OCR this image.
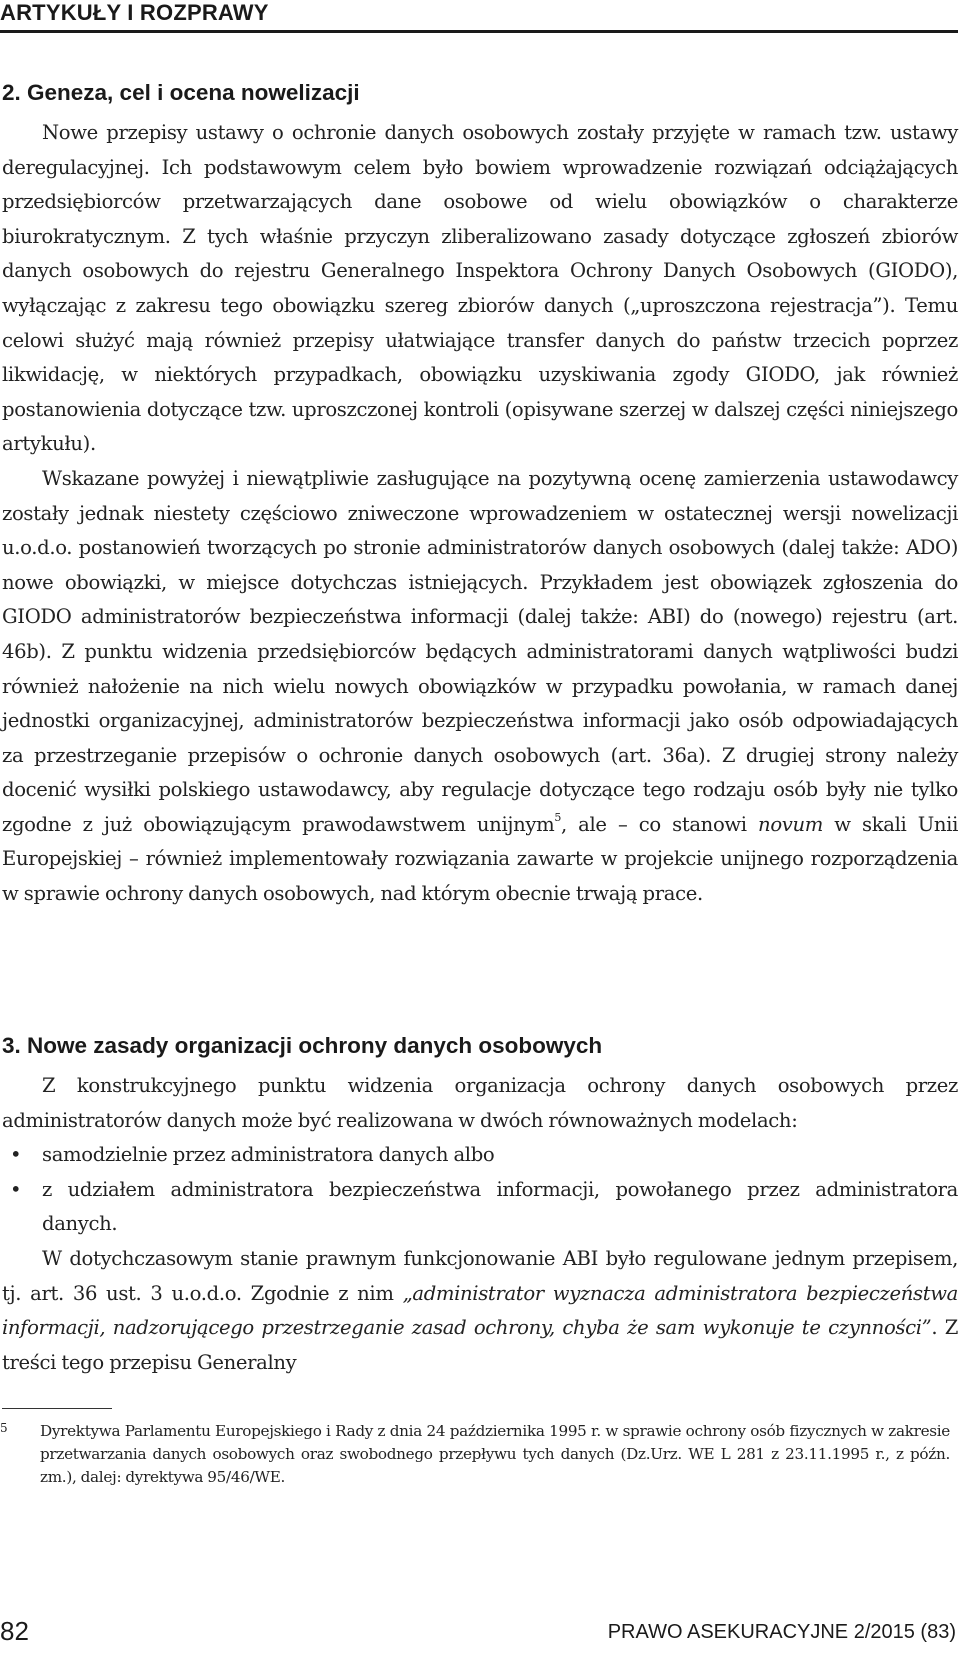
ARTYKUŁY I ROZPRAWY
2. Geneza, cel i ocena nowelizacji

Nowe przepisy ustawy o ochronie danych osobowych zostały przyjęte w ramach tzw. ustawy deregulacyjnej. Ich podstawowym celem było bowiem wprowadzenie rozwiązań odciążających przedsiębiorców przetwarzających dane osobowe od wielu obowiązków o charakterze biurokratycznym. Z tych właśnie przyczyn zliberalizowano zasady dotyczące zgłoszeń zbiorów danych osobowych do rejestru Generalnego Inspektora Ochrony Danych Osobowych (GIODO), wyłączając z zakresu tego obowiązku szereg zbiorów danych („uproszczona rejestracja”). Temu celowi służyć mają również przepisy ułatwiające transfer danych do państw trzecich poprzez likwidację, w niektórych przypadkach, obowiązku uzyskiwania zgody GIODO, jak również postanowienia dotyczące tzw. uproszczonej kontroli (opisywane szerzej w dalszej części niniejszego artykułu).

Wskazane powyżej i niewątpliwie zasługujące na pozytywną ocenę zamierzenia ustawodawcy zostały jednak niestety częściowo zniweczone wprowadzeniem w ostatecznej wersji nowelizacji u.o.d.o. postanowień tworzących po stronie administratorów danych osobowych (dalej także: ADO) nowe obowiązki, w miejsce dotychczas istniejących. Przykładem jest obowiązek zgłoszenia do GIODO administratorów bezpieczeństwa informacji (dalej także: ABI) do (nowego) rejestru (art. 46b). Z punktu widzenia przedsiębiorców będących administratorami danych wątpliwości budzi również nałożenie na nich wielu nowych obowiązków w przypadku powołania, w ramach danej jednostki organizacyjnej, administratorów bezpieczeństwa informacji jako osób odpowiadających za przestrzeganie przepisów o ochronie danych osobowych (art. 36a). Z drugiej strony należy docenić wysiłki polskiego ustawodawcy, aby regulacje dotyczące tego rodzaju osób były nie tylko zgodne z już obowiązującym prawodawstwem unijnym$^5$, ale – co stanowi novum w skali Unii Europejskiej – również implementowały rozwiązania zawarte w projekcie unijnego rozporządzenia w sprawie ochrony danych osobowych, nad którym obecnie trwają prace.

3. Nowe zasady organizacji ochrony danych osobowych

Z konstrukcyjnego punktu widzenia organizacja ochrony danych osobowych przez administratorów danych może być realizowana w dwóch równoważnych modelach:

• samodzielnie przez administratora danych albo
• z udziałem administratora bezpieczeństwa informacji, powołanego przez administratora danych.

W dotychczasowym stanie prawnym funkcjonowanie ABI było regulowane jednym przepisem, tj. art. 36 ust. 3 u.o.d.o. Zgodnie z nim „administrator wyznacza administratora bezpieczeństwa informacji, nadzorującego przestrzeganie zasad ochrony, chyba że sam wykonuje te czynności”. Z treści tego przepisu Generalny

5 Dyrektywa Parlamentu Europejskiego i Rady z dnia 24 października 1995 r. w sprawie ochrony osób fizycznych w zakresie przetwarzania danych osobowych oraz swobodnego przepływu tych danych (Dz.Urz. WE L 281 z 23.11.1995 r., z późn. zm.), dalej: dyrektywa 95/46/WE.
82	PRAWO ASEKURACYJNE 2/2015 (83)
